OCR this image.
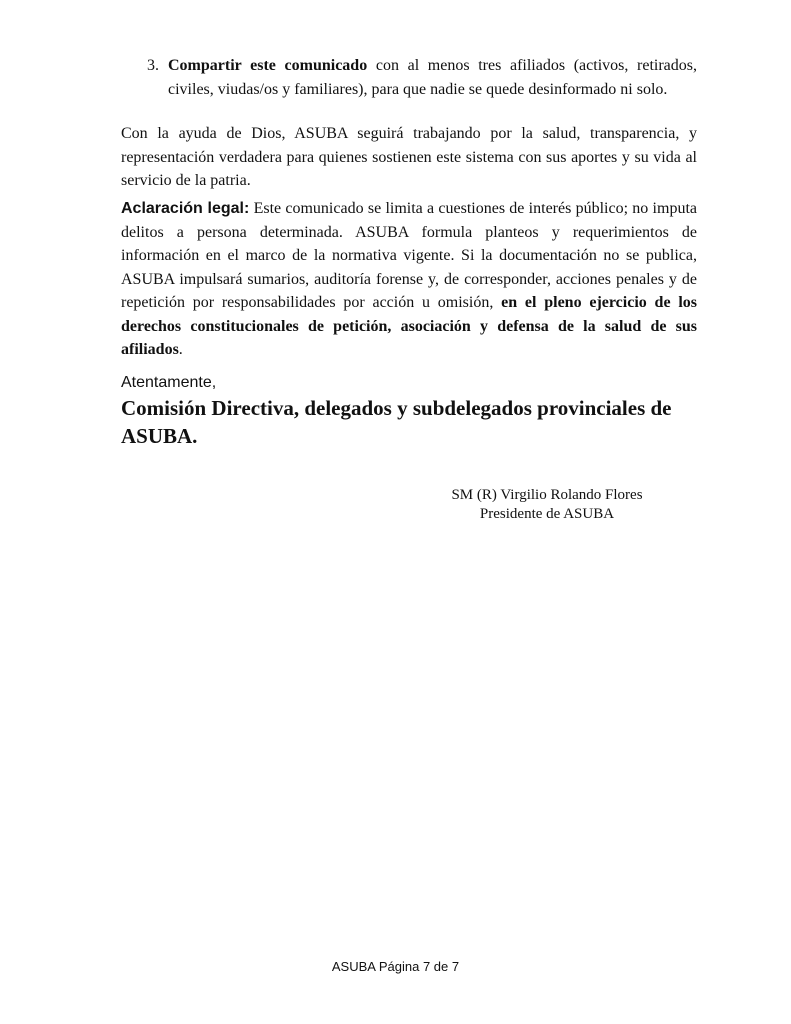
3. Compartir este comunicado con al menos tres afiliados (activos, retirados, civiles, viudas/os y familiares), para que nadie se quede desinformado ni solo.

Con la ayuda de Dios, ASUBA seguirá trabajando por la salud, transparencia, y representación verdadera para quienes sostienen este sistema con sus aportes y su vida al servicio de la patria.

Aclaración legal: Este comunicado se limita a cuestiones de interés público; no imputa delitos a persona determinada. ASUBA formula planteos y requerimientos de información en el marco de la normativa vigente. Si la documentación no se publica, ASUBA impulsará sumarios, auditoría forense y, de corresponder, acciones penales y de repetición por responsabilidades por acción u omisión, en el pleno ejercicio de los derechos constitucionales de petición, asociación y defensa de la salud de sus afiliados.

Atentamente,
Comisión Directiva, delegados y subdelegados provinciales de ASUBA.
SM (R) Virgilio Rolando Flores
Presidente de ASUBA
ASUBA Página 7 de 7
